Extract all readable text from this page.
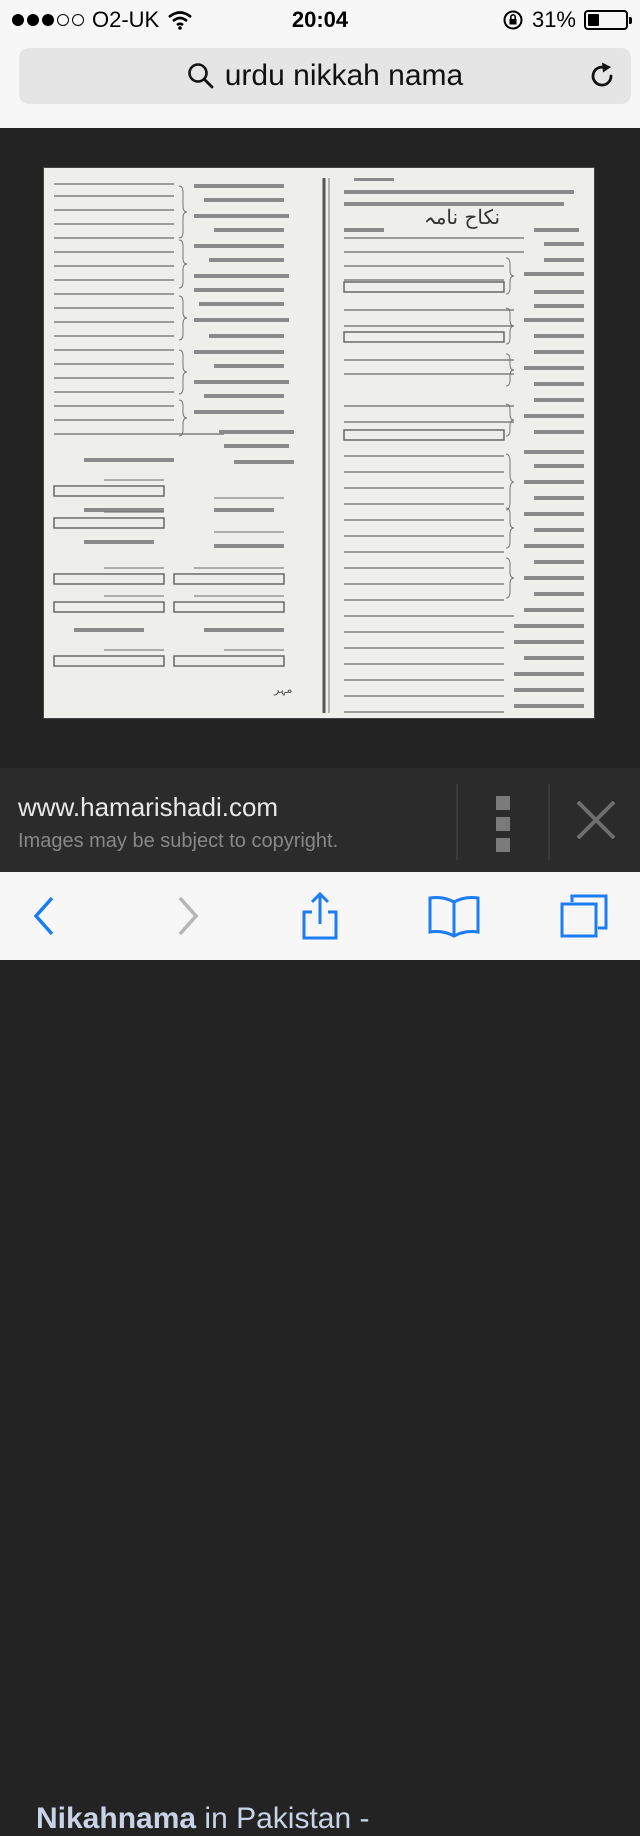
O2-UK	20:04	31%
urdu nikkah nama
نکاح نامہ
مہر
www.hamarishadi.com
Images may be subject to copyright.
Nikahnama in Pakistan -
